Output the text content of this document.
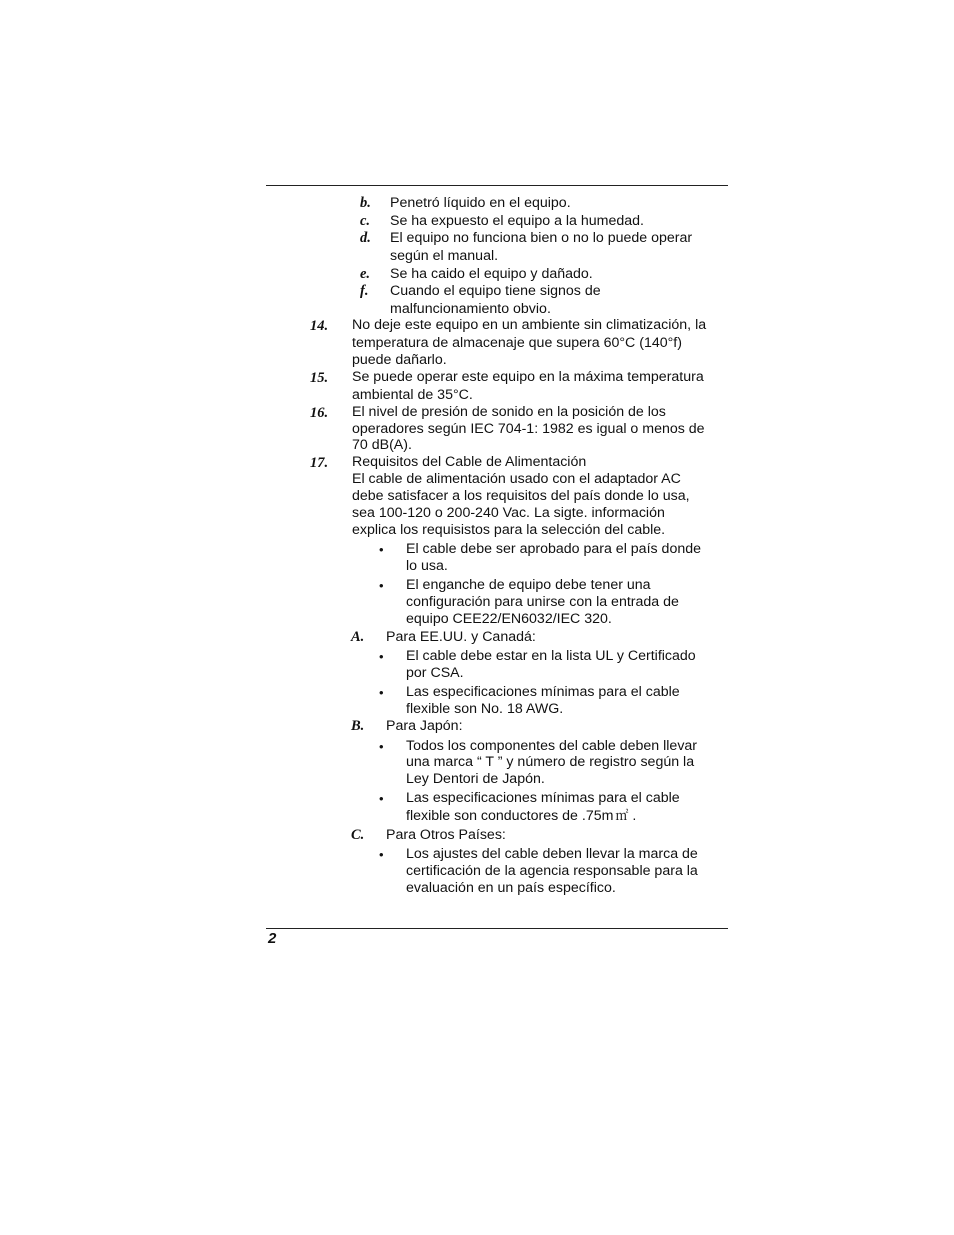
b. Penetró líquido en el equipo.
c. Se ha expuesto el equipo a la humedad.
d. El equipo no funciona bien o no lo puede operar
según el manual.
e. Se ha caido el equipo y dañado.
f. Cuando el equipo tiene signos de
malfuncionamiento obvio.
14. No deje este equipo en un ambiente sin climatización, la
temperatura de almacenaje que supera 60°C (140°f)
puede dañarlo.
15. Se puede operar este equipo en la máxima temperatura
ambiental de 35°C.
16. El nivel de presión de sonido en la posición de los
operadores según IEC 704-1: 1982 es igual o menos de
70 dB(A).
17. Requisitos del Cable de Alimentación
El cable de alimentación usado con el adaptador AC
debe satisfacer a los requisitos del país donde lo usa,
sea 100-120 o 200-240 Vac. La sigte. información
explica los requisistos para la selección del cable.
• El cable debe ser aprobado para el país donde
lo usa.
• El enganche de equipo debe tener una
configuración para unirse con la entrada de
equipo CEE22/EN6032/IEC 320.
A. Para EE.UU. y Canadá:
• El cable debe estar en la lista UL y Certificado
por CSA.
• Las especificaciones mínimas para el cable
flexible son No. 18 AWG.
B. Para Japón:
• Todos los componentes del cable deben llevar
una marca “ T ” y número de registro según la
Ley Dentori de Japón.
• Las especificaciones mínimas para el cable
flexible son conductores de .75m ㎡ .
C. Para Otros Países:
• Los ajustes del cable deben llevar la marca de
certificación de la agencia responsable para la
evaluación en un país específico.
2
